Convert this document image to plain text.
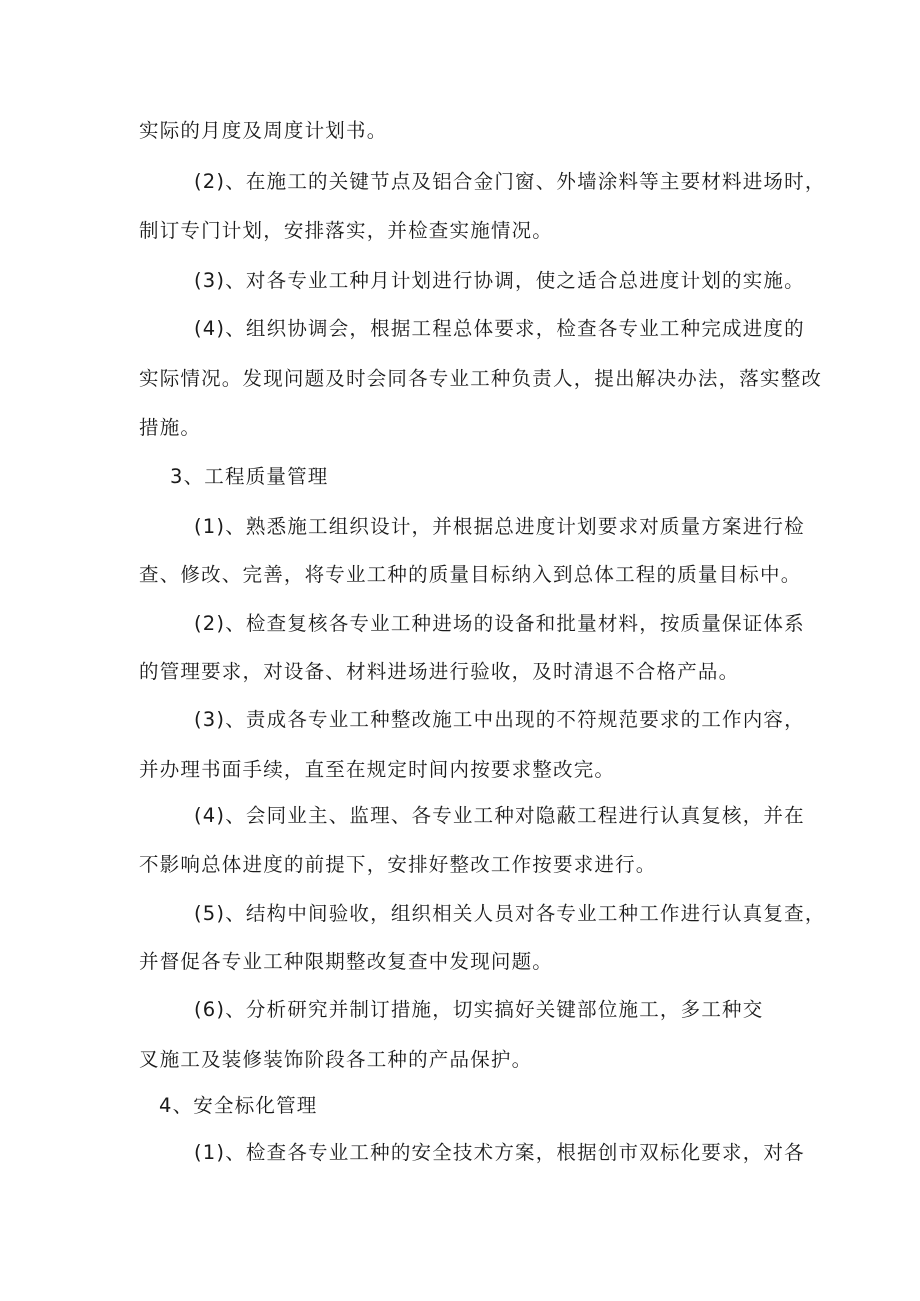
实际的月度及周度计划书。
(2)、在施工的关键节点及铝合金门窗、外墙涂料等主要材料进场时，
制订专门计划，安排落实，并检查实施情况。
(3)、对各专业工种月计划进行协调，使之适合总进度计划的实施。
(4)、组织协调会，根据工程总体要求，检查各专业工种完成进度的
实际情况。发现问题及时会同各专业工种负责人，提出解决办法，落实整改
措施。
3、工程质量管理
(1)、熟悉施工组织设计，并根据总进度计划要求对质量方案进行检
查、修改、完善，将专业工种的质量目标纳入到总体工程的质量目标中。
(2)、检查复核各专业工种进场的设备和批量材料，按质量保证体系
的管理要求，对设备、材料进场进行验收，及时清退不合格产品。
(3)、责成各专业工种整改施工中出现的不符规范要求的工作内容，
并办理书面手续，直至在规定时间内按要求整改完。
(4)、会同业主、监理、各专业工种对隐蔽工程进行认真复核，并在
不影响总体进度的前提下，安排好整改工作按要求进行。
(5)、结构中间验收，组织相关人员对各专业工种工作进行认真复查，
并督促各专业工种限期整改复查中发现问题。
(6)、分析研究并制订措施，切实搞好关键部位施工，多工种交
叉施工及装修装饰阶段各工种的产品保护。
4、安全标化管理
(1)、检查各专业工种的安全技术方案，根据创市双标化要求，对各
